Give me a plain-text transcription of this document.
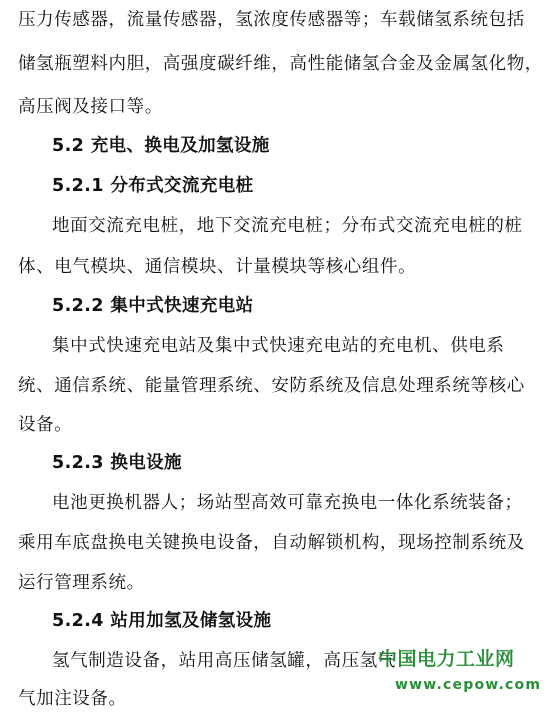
压力传感器，流量传感器，氢浓度传感器等；车载储氢系统包括
储氢瓶塑料内胆，高强度碳纤维，高性能储氢合金及金属氢化物，
高压阀及接口等。
5.2 充电、换电及加氢设施
5.2.1 分布式交流充电桩
地面交流充电桩，地下交流充电桩；分布式交流充电桩的桩
体、电气模块、通信模块、计量模块等核心组件。
5.2.2 集中式快速充电站
集中式快速充电站及集中式快速充电站的充电机、供电系
统、通信系统、能量管理系统、安防系统及信息处理系统等核心
设备。
5.2.3 换电设施
电池更换机器人；场站型高效可靠充换电一体化系统装备；
乘用车底盘换电关键换电设备，自动解锁机构，现场控制系统及
运行管理系统。
5.2.4 站用加氢及储氢设施
氢气制造设备，站用高压储氢罐，高压氢气
气加注设备。
中国电力工业网
www.cepow.com
